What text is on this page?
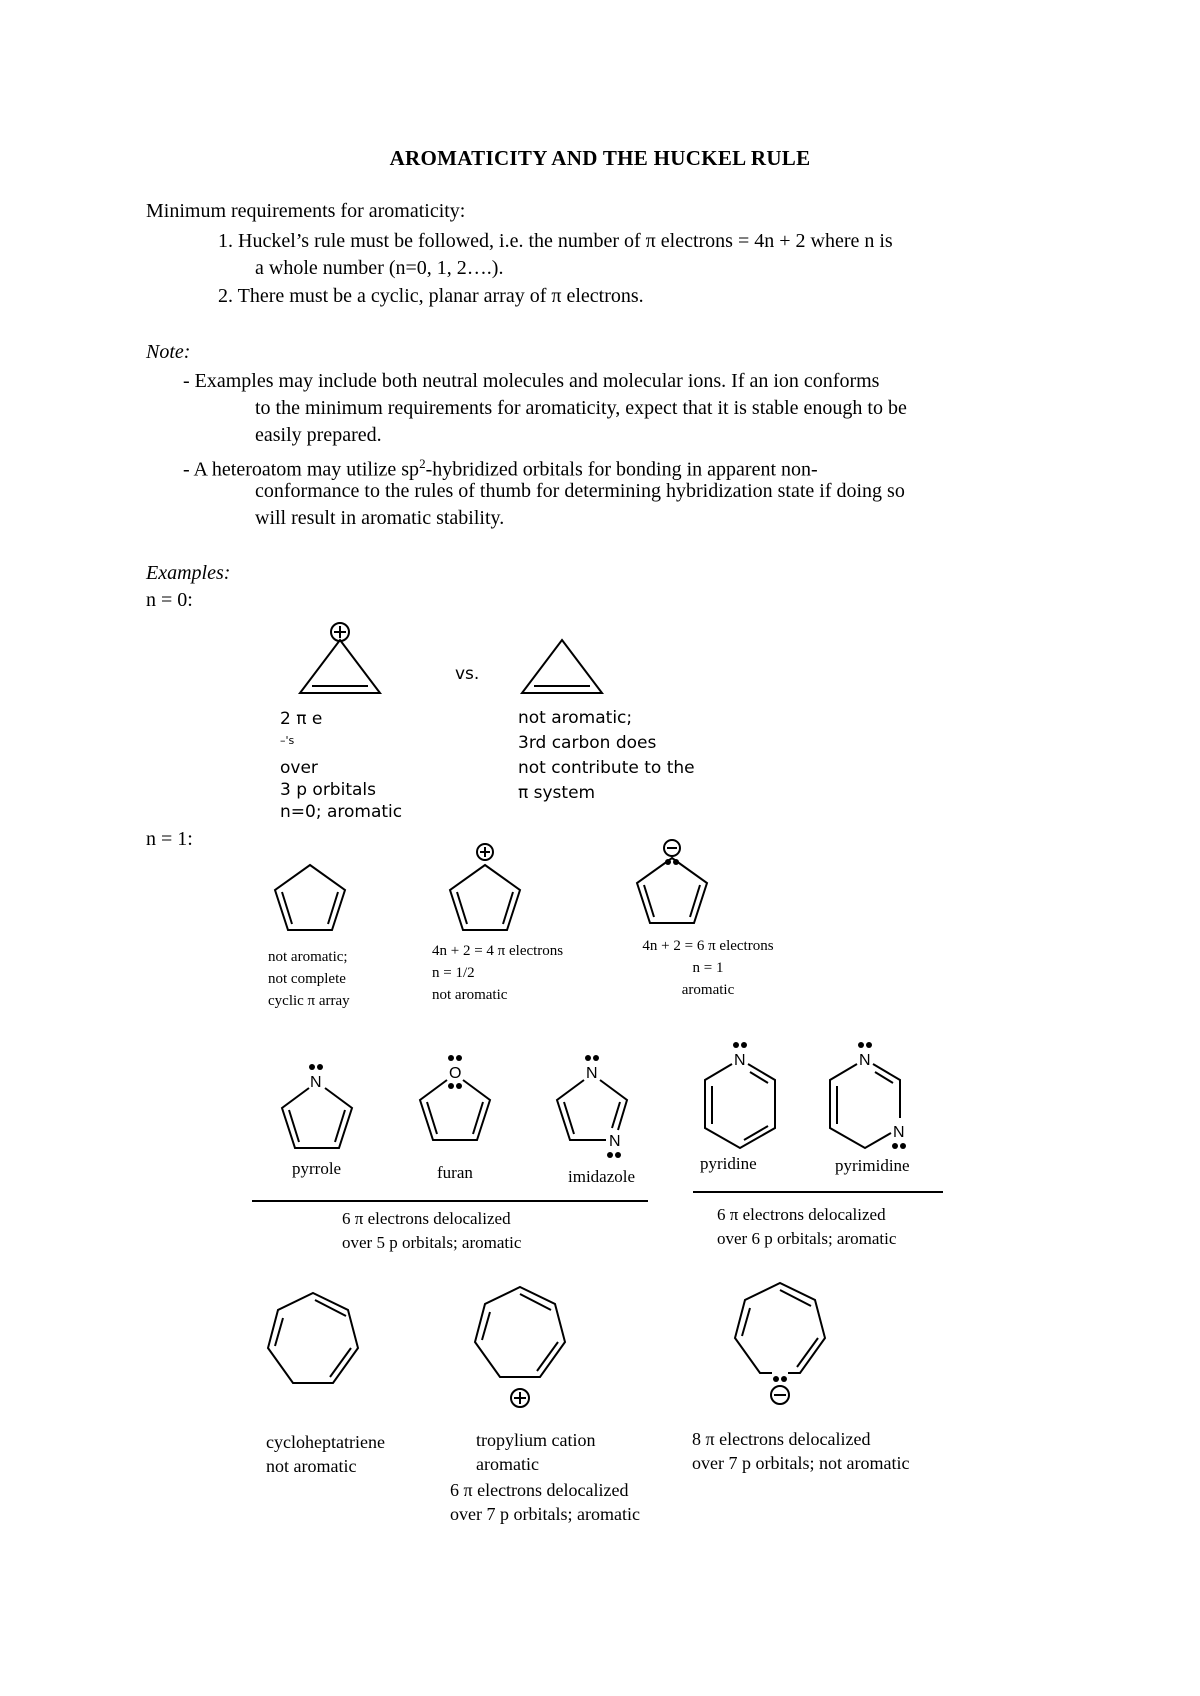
AROMATICITY AND THE HUCKEL RULE
Minimum requirements for aromaticity:
1. Huckel’s rule must be followed, i.e. the number of π electrons = 4n + 2 where n is
a whole number (n=0, 1, 2….).
2. There must be a cyclic, planar array of π electrons.
Note:
- Examples may include both neutral molecules and molecular ions. If an ion conforms
to the minimum requirements for aromaticity, expect that it is stable enough to be
easily prepared.
- A heteroatom may utilize $sp^2$-hybridized orbitals for bonding in apparent non-
conformance to the rules of thumb for determining hybridization state if doing so
will result in aromatic stability.
Examples:
n = 0:
vs.
2 π e
$^{-'s}$
over
3 p orbitals
n=0; aromatic
not aromatic;
3rd carbon does
not contribute to the
π system
n = 1:
not aromatic;
not complete
cyclic π array
4n + 2 = 4 π electrons
n = 1/2
not aromatic
4n + 2 = 6 π electrons
n = 1
aromatic
N
O	N
N
N	N
N
pyrrole	furan	imidazole
pyridine	pyrimidine
6 π electrons delocalized
over 5 p orbitals; aromatic
6 π electrons delocalized
over 6 p orbitals; aromatic
cycloheptatriene
not aromatic
tropylium cation
aromatic
6 π electrons delocalized
over 7 p orbitals; aromatic
8 π electrons delocalized
over 7 p orbitals; not aromatic
